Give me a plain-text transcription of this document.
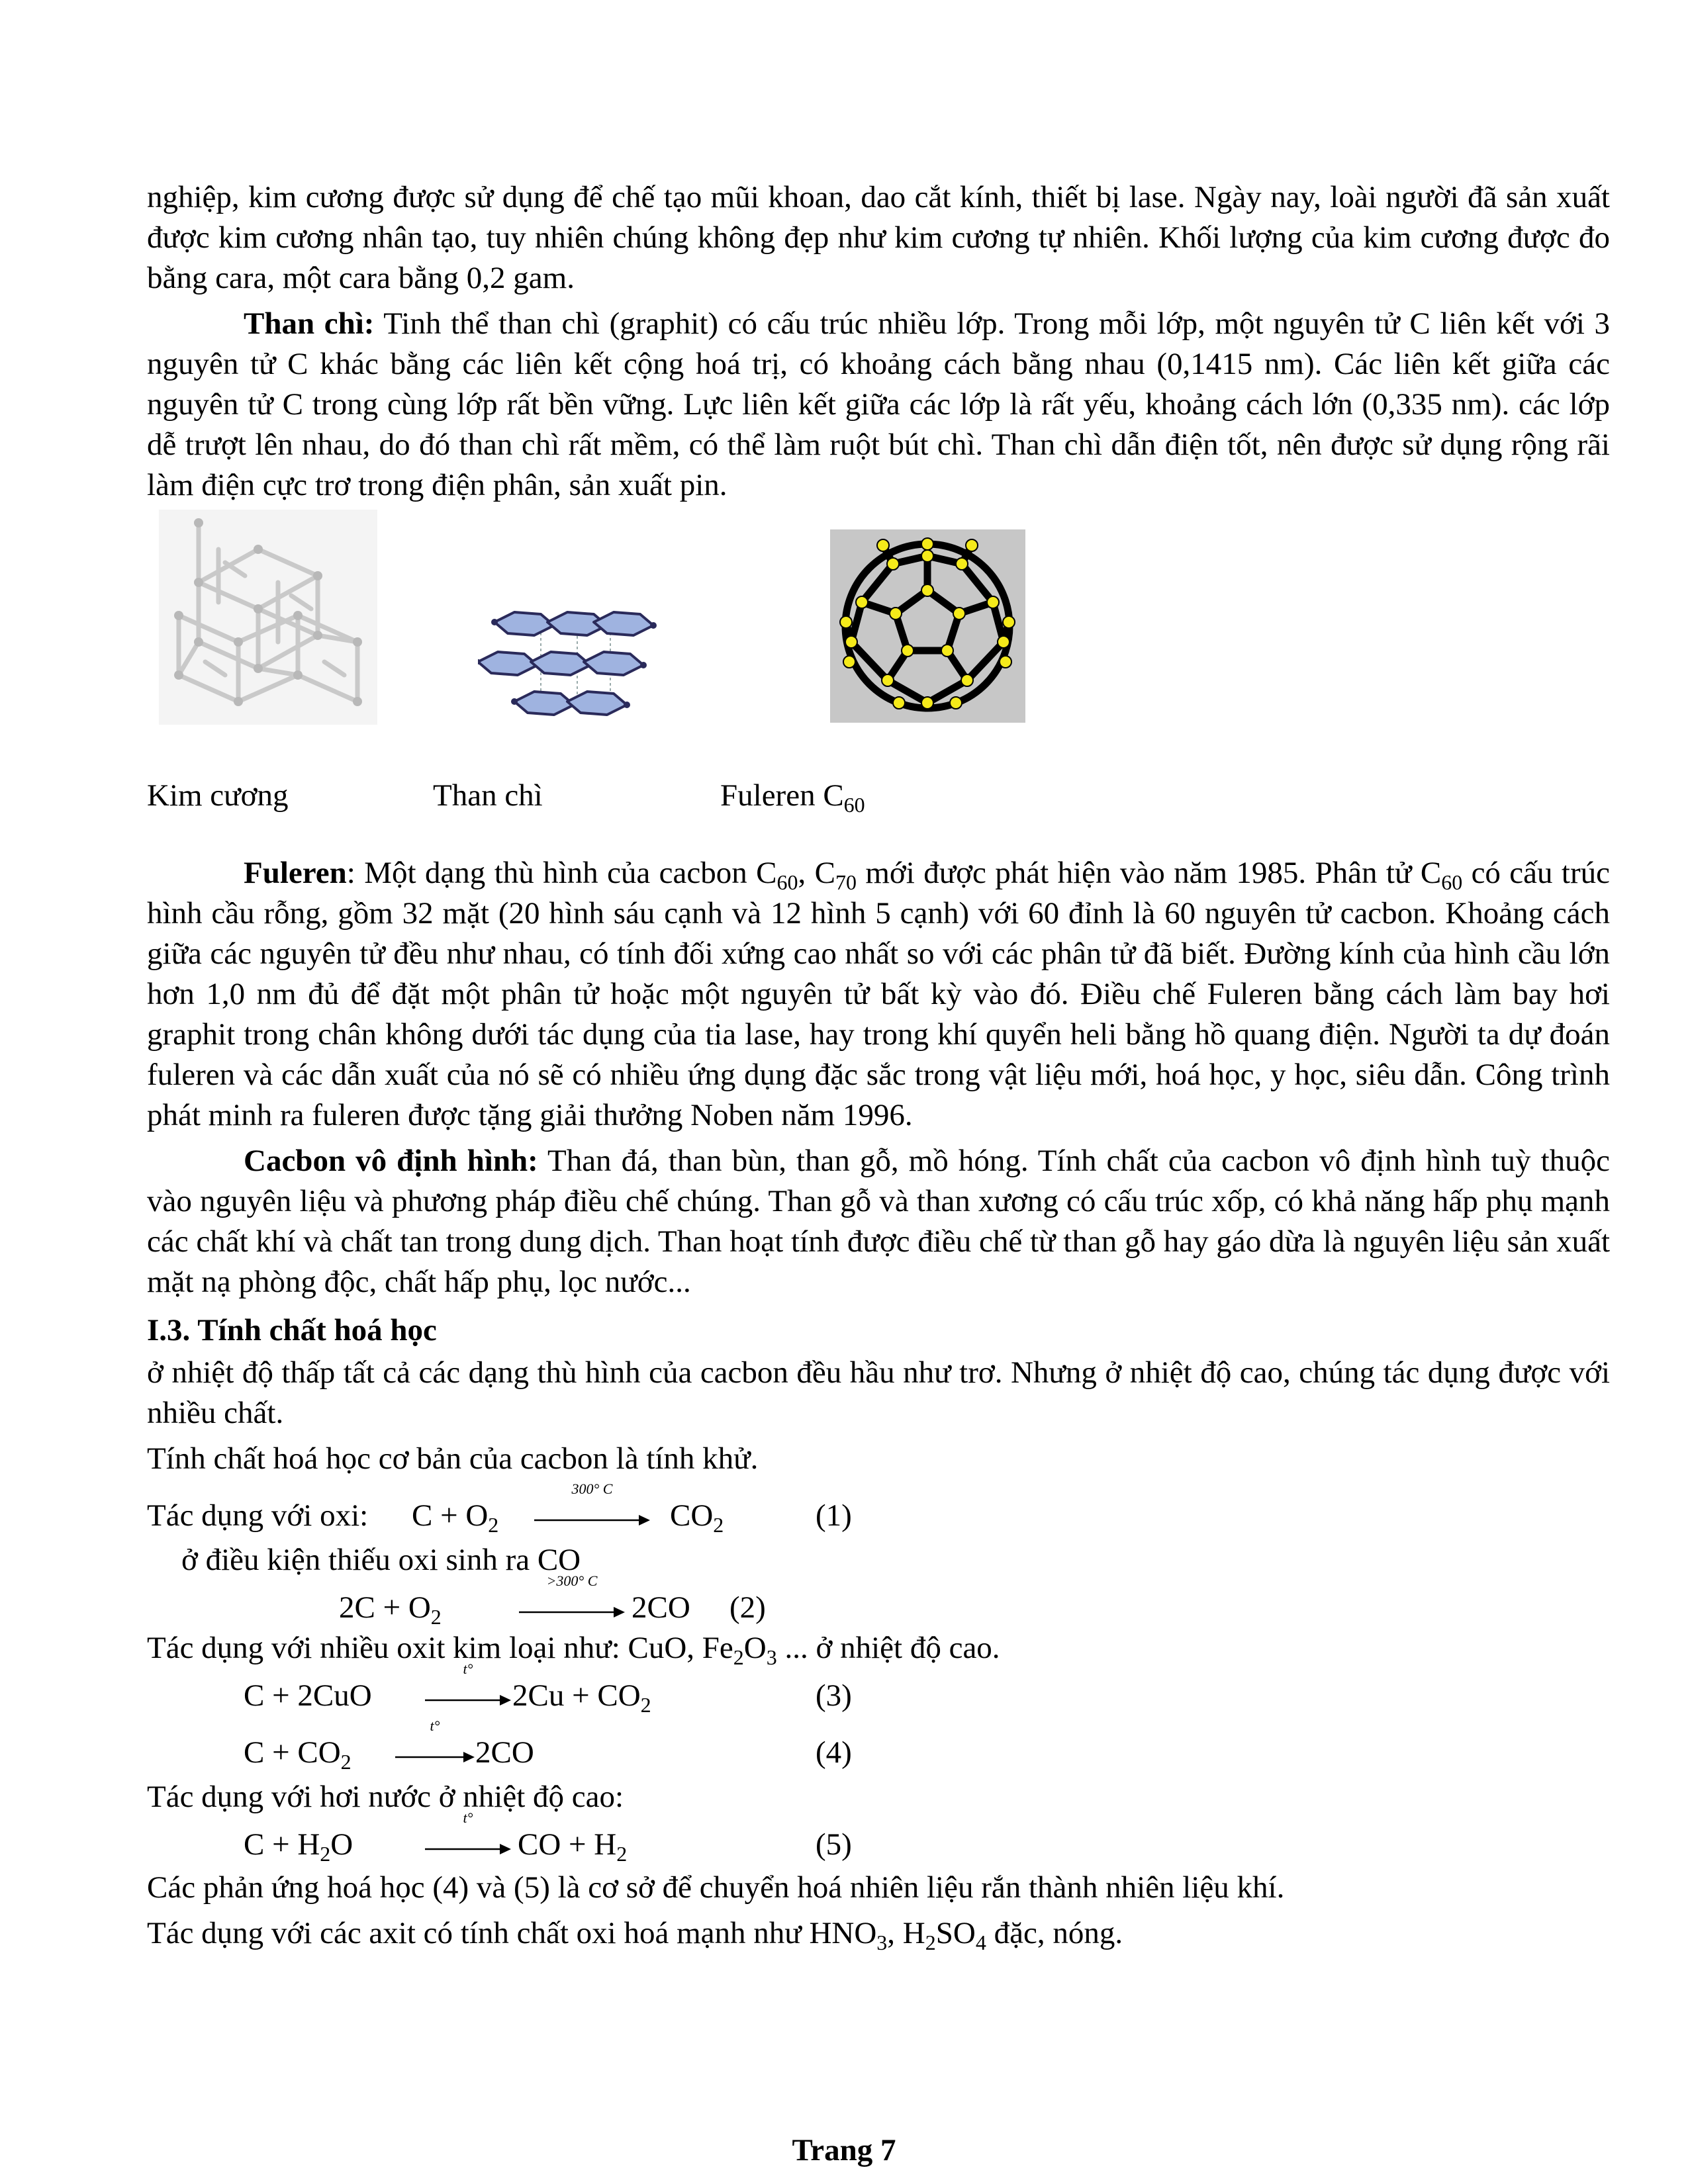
nghiệp, kim cương được sử dụng để chế tạo mũi khoan, dao cắt kính, thiết bị lase. Ngày nay, loài người đã sản xuất được kim cương nhân tạo, tuy nhiên chúng không đẹp như kim cương tự nhiên. Khối lượng của kim cương được đo bằng cara, một cara bằng 0,2 gam.

Than chì: Tinh thể than chì (graphit) có cấu trúc nhiều lớp. Trong mỗi lớp, một nguyên tử C liên kết với 3 nguyên tử C khác bằng các liên kết cộng hoá trị, có khoảng cách bằng nhau (0,1415 nm). Các liên kết giữa các nguyên tử C trong cùng lớp rất bền vững. Lực liên kết giữa các lớp là rất yếu, khoảng cách lớn (0,335 nm). các lớp dễ trượt lên nhau, do đó than chì rất mềm, có thể làm ruột bút chì. Than chì dẫn điện tốt, nên được sử dụng rộng rãi làm điện cực trơ trong điện phân, sản xuất pin.

Kim cương	Than chì	Fuleren $C_{60}$

Fuleren: Một dạng thù hình của cacbon $C_{60}$, $C_{70}$ mới được phát hiện vào năm 1985. Phân tử $C_{60}$ có cấu trúc hình cầu rỗng, gồm 32 mặt (20 hình sáu cạnh và 12 hình 5 cạnh) với 60 đỉnh là 60 nguyên tử cacbon. Khoảng cách giữa các nguyên tử đều như nhau, có tính đối xứng cao nhất so với các phân tử đã biết. Đường kính của hình cầu lớn hơn 1,0 nm đủ để đặt một phân tử hoặc một nguyên tử bất kỳ vào đó. Điều chế Fuleren bằng cách làm bay hơi graphit trong chân không dưới tác dụng của tia lase, hay trong khí quyển heli bằng hồ quang điện. Người ta dự đoán fuleren và các dẫn xuất của nó sẽ có nhiều ứng dụng đặc sắc trong vật liệu mới, hoá học, y học, siêu dẫn. Công trình phát minh ra fuleren được tặng giải thưởng Noben năm 1996.

Cacbon vô định hình: Than đá, than bùn, than gỗ, mồ hóng. Tính chất của cacbon vô định hình tuỳ thuộc vào nguyên liệu và phương pháp điều chế chúng. Than gỗ và than xương có cấu trúc xốp, có khả năng hấp phụ mạnh các chất khí và chất tan trong dung dịch. Than hoạt tính được điều chế từ than gỗ hay gáo dừa là nguyên liệu sản xuất mặt nạ phòng độc, chất hấp phụ, lọc nước...

I.3. Tính chất hoá học

ở nhiệt độ thấp tất cả các dạng thù hình của cacbon đều hầu như trơ. Nhưng ở nhiệt độ cao, chúng tác dụng được với nhiều chất.

Tính chất hoá học cơ bản của cacbon là tính khử.

Tác dụng với oxi: $C + O_2$
300° C
$CO_2$	(1)

ở điều kiện thiếu oxi sinh ra CO

$2C + O_2$
>300° C
2CO (2)

Tác dụng với nhiều oxit kim loại như: CuO, $Fe_2O_3$ ... ở nhiệt độ cao.

C + 2CuO
t°
$2Cu + CO_2$	(3)
$C + CO_2$
t°
2CO	(4)

Tác dụng với hơi nước ở nhiệt độ cao:

$C + H_2O$
t°
CO + $H_2$	(5)

Các phản ứng hoá học (4) và (5) là cơ sở để chuyển hoá nhiên liệu rắn thành nhiên liệu khí.

Tác dụng với các axit có tính chất oxi hoá mạnh như $HNO_3$, $H_2SO_4$ đặc, nóng.

Trang 7
